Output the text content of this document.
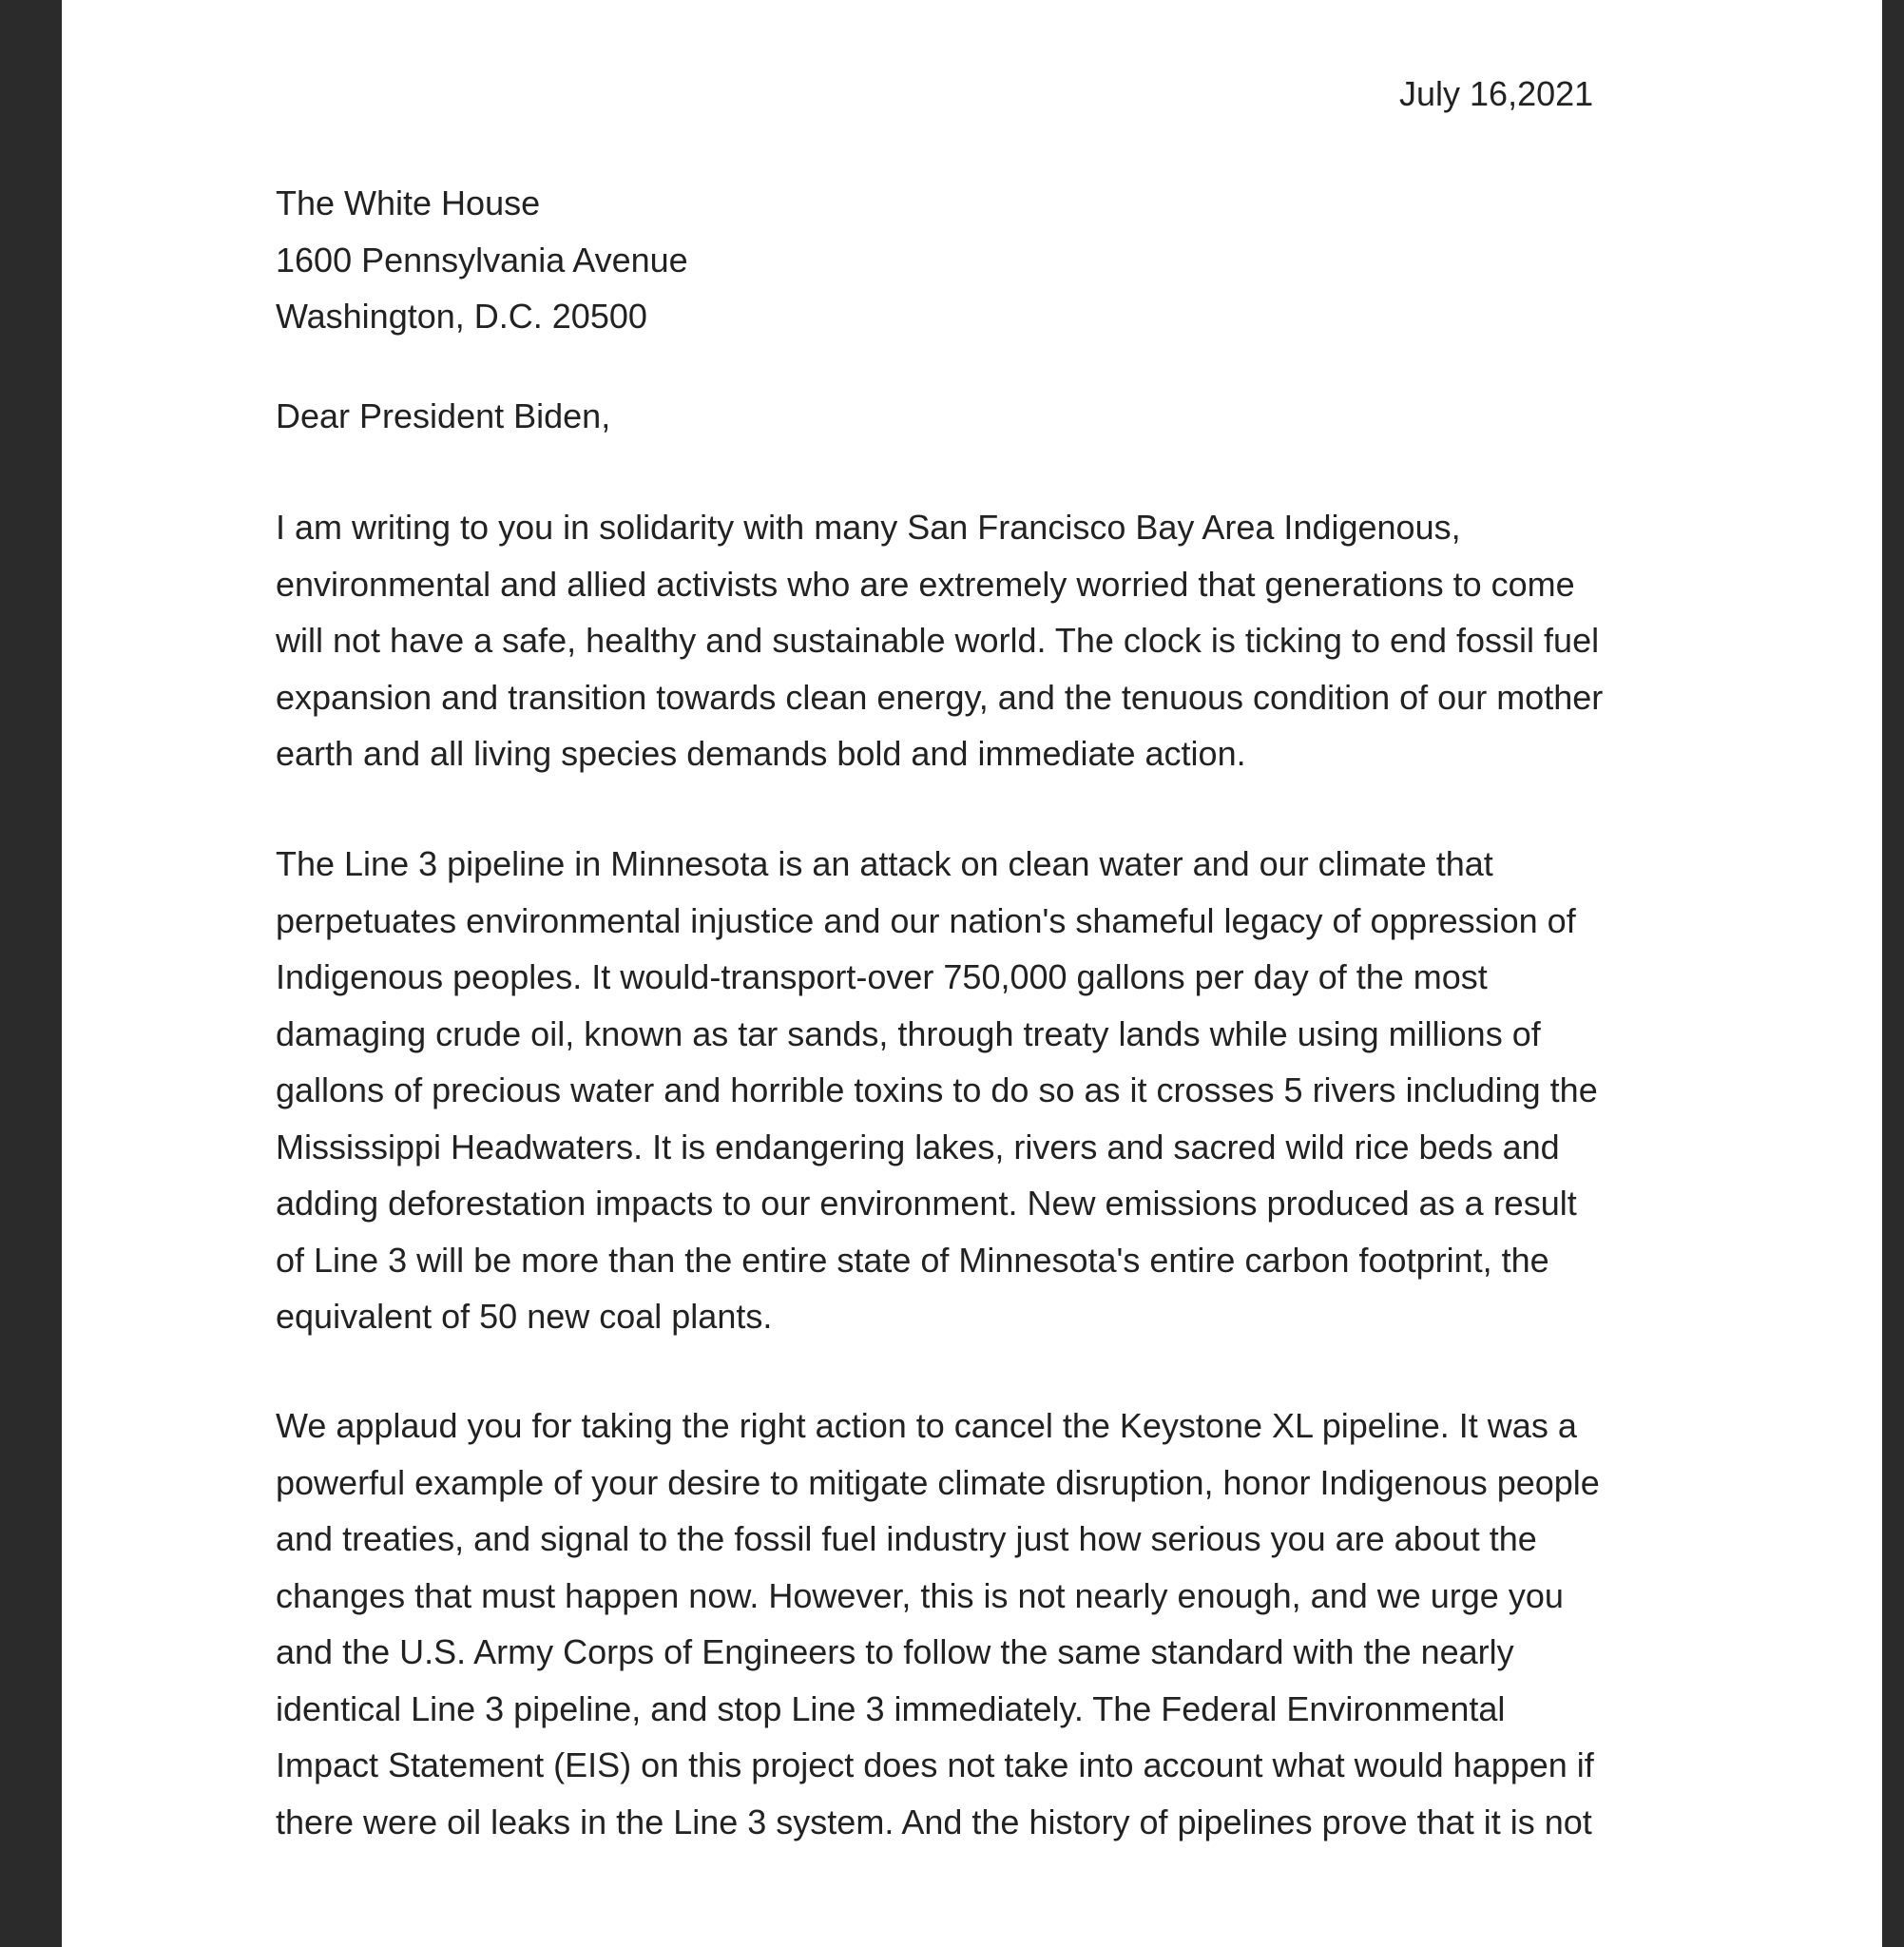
July 16,2021
The White House
1600 Pennsylvania Avenue
Washington, D.C. 20500
Dear President Biden,
I am writing to you in solidarity with many San Francisco Bay Area Indigenous,
environmental and allied activists who are extremely worried that generations to come
will not have a safe, healthy and sustainable world. The clock is ticking to end fossil fuel
expansion and transition towards clean energy, and the tenuous condition of our mother
earth and all living species demands bold and immediate action.
The Line 3 pipeline in Minnesota is an attack on clean water and our climate that
perpetuates environmental injustice and our nation's shameful legacy of oppression of
Indigenous peoples. It would-transport-over 750,000 gallons per day of the most
damaging crude oil, known as tar sands, through treaty lands while using millions of
gallons of precious water and horrible toxins to do so as it crosses 5 rivers including the
Mississippi Headwaters. It is endangering lakes, rivers and sacred wild rice beds and
adding deforestation impacts to our environment. New emissions produced as a result
of Line 3 will be more than the entire state of Minnesota's entire carbon footprint, the
equivalent of 50 new coal plants.
We applaud you for taking the right action to cancel the Keystone XL pipeline. It was a
powerful example of your desire to mitigate climate disruption, honor Indigenous people
and treaties, and signal to the fossil fuel industry just how serious you are about the
changes that must happen now. However, this is not nearly enough, and we urge you
and the U.S. Army Corps of Engineers to follow the same standard with the nearly
identical Line 3 pipeline, and stop Line 3 immediately. The Federal Environmental
Impact Statement (EIS) on this project does not take into account what would happen if
there were oil leaks in the Line 3 system. And the history of pipelines prove that it is not
